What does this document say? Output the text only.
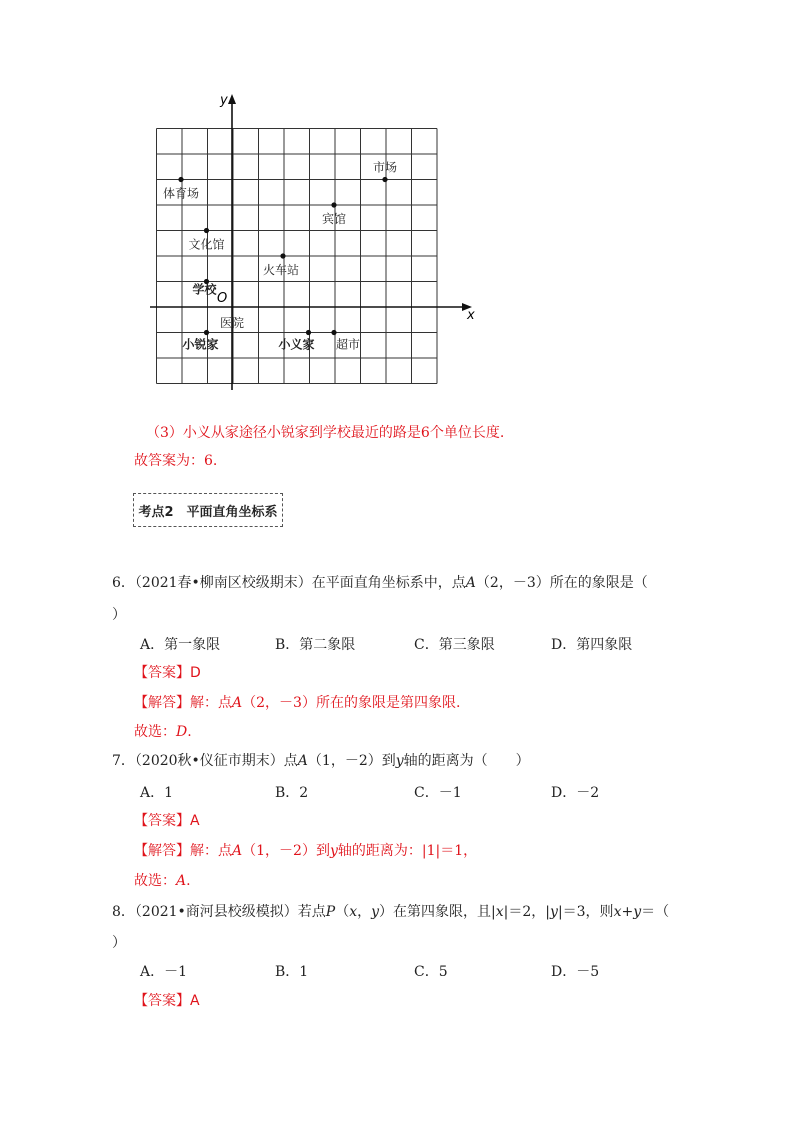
x
y
O
市场
体育场
宾馆
文化馆
火车站
学校
医院
小锐家	小义家 超市
（3）小义从家途径小锐家到学校最近的路是6个单位长度.
故答案为：6.
考点2　平面直角坐标系
6．（2021春•柳南区校级期末）在平面直角坐标系中，点A（2，－3）所在的象限是（
）
A．第一象限	B．第二象限	C．第三象限	D．第四象限
【答案】D
【解答】解：点A（2，－3）所在的象限是第四象限.
故选：D.
7．（2020秋•仪征市期末）点A（1，－2）到y轴的距离为（　　）
A．1	B．2	C．－1	D．－2
【答案】A
【解答】解：点A（1，－2）到y轴的距离为：|1|＝1，
故选：A.
8．（2021•商河县校级模拟）若点P（x，y）在第四象限，且|x|＝2，|y|＝3，则x+y＝（
）
A．－1	B．1	C．5	D．－5
【答案】A
